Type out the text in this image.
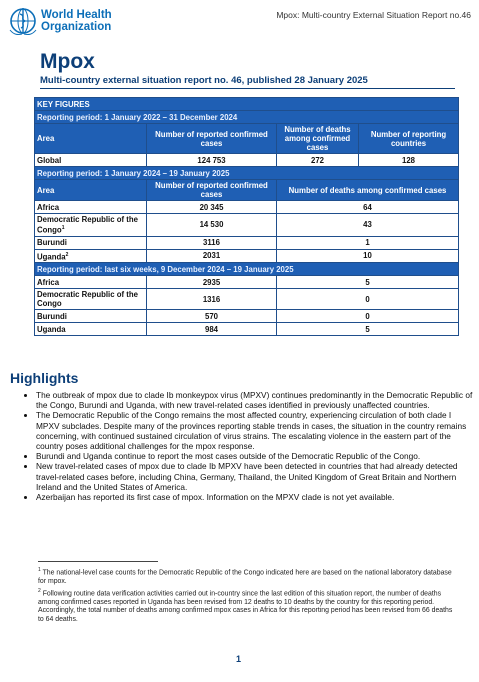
World Health
Organization
Mpox: Multi-country External Situation Report no.46
Mpox
Multi-country external situation report no. 46, published 28 January 2025
KEY FIGURES			
Reporting period: 1 January 2022 – 31 December 2024			
Area	Number of reported confirmed cases	Number of deaths among confirmed cases	Number of reporting countries
Global	124 753	272	128
Reporting period: 1 January 2024 – 19 January 2025			
Area	Number of reported confirmed cases	Number of deaths among confirmed cases	
Africa	20 345	64	
Democratic Republic of the Congo$^1$	14 530	43	
Burundi	3116	1	
Uganda$^2$	2031	10	
Reporting period: last six weeks, 9 December 2024 – 19 January 2025			
Africa	2935	5	
Democratic Republic of the Congo	1316	0	
Burundi	570	0	
Uganda	984	5	
Highlights
• The outbreak of mpox due to clade Ib monkeypox virus (MPXV) continues predominantly in the Democratic Republic of the Congo, Burundi and Uganda, with new travel-related cases identified in previously unaffected countries.
• The Democratic Republic of the Congo remains the most affected country, experiencing circulation of both clade I MPXV subclades. Despite many of the provinces reporting stable trends in cases, the situation in the country remains concerning, with continued sustained circulation of virus strains. The escalating violence in the eastern part of the country poses additional challenges for the mpox response.
• Burundi and Uganda continue to report the most cases outside of the Democratic Republic of the Congo.
• New travel-related cases of mpox due to clade Ib MPXV have been detected in countries that had already detected travel-related cases before, including China, Germany, Thailand, the United Kingdom of Great Britain and Northern Ireland and the United States of America.
• Azerbaijan has reported its first case of mpox. Information on the MPXV clade is not yet available.
$^1$ The national-level case counts for the Democratic Republic of the Congo indicated here are based on the national laboratory database for mpox.
$^2$ Following routine data verification activities carried out in-country since the last edition of this situation report, the number of deaths among confirmed cases reported in Uganda has been revised from 12 deaths to 10 deaths by the country for this reporting period. Accordingly, the total number of deaths among confirmed mpox cases in Africa for this reporting period has been revised from 66 deaths to 64 deaths.
1
